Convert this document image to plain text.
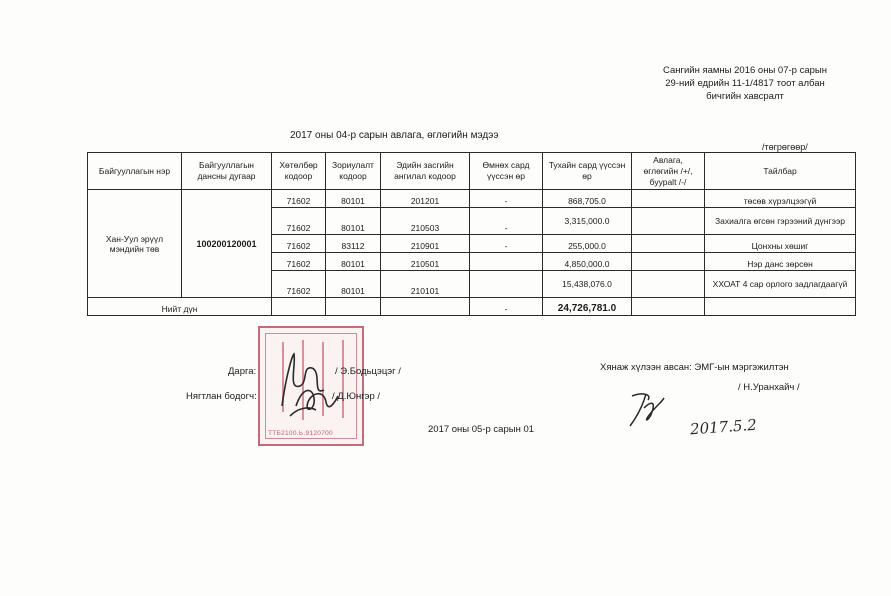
Сангийн яамны 2016 оны 07-р сарын
29-ний едрийн 11-1/4817 тоот албан
бичгийн хавсралт
2017 оны 04-р сарын авлага, өглөгийн мэдээ
/төгрөгөөр/
Байгууллагын нэр	Байгууллагын дансны дугаар	Хөтөлбөр кодоор	Зориулалт кодоор	Эдийн засгийн ангилал кодоор	Өмнөх сард үүссэн өр	Тухайн сард үүссэн өр	Авлага, өглөгийн /+/, буурalt /-/	Тайлбар
Хан-Уул эрүүл мэндийн төв	100200120001	71602	80101	201201	-	868,705.0		төсөв хүрэлцээгүй
		71602	80101	210503	-	3,315,000.0		Захиалга өгсөн гэрээний дүнгээр
		71602	83112	210901	-	255,000.0		Цонхны хөшиг
		71602	80101	210501		4,850,000.0		Нэр данс зөрсөн
		71602	80101	210101		15,438,076.0		ХХОАТ 4 сар орлого задлагдаагүй
Нийт дүн					-	24,726,781.0		
ТТБ2100.Ь.9120700
Дарга:	/ Э.Бодьцэцэг /
Нягтлан бодогч:	/ Д.Юнгэр /
2017 оны 05-р сарын 01
Хянаж хүлээн авсан: ЭМГ-ын мэргэжилтэн
/ Н.Уранхайч /
2017.5.2
